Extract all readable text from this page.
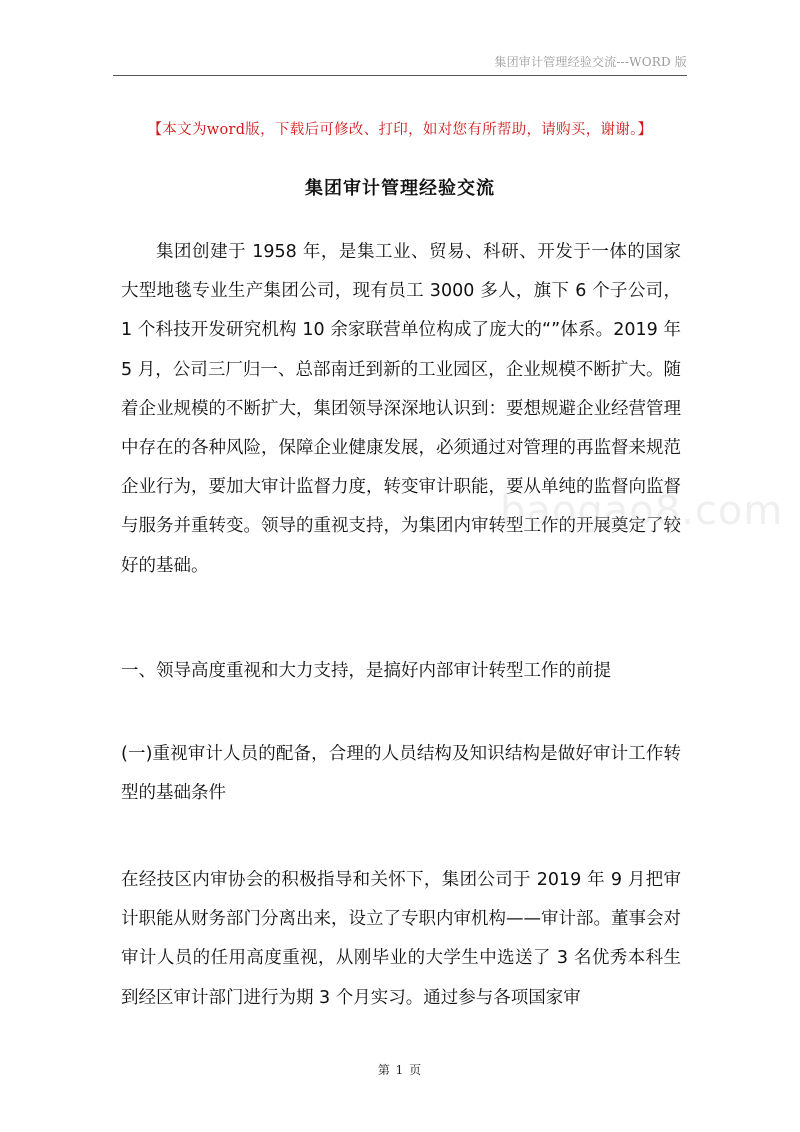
集团审计管理经验交流---WORD 版
【本文为word版，下载后可修改、打印，如对您有所帮助，请购买，谢谢。】
集团审计管理经验交流

集团创建于 1958 年，是集工业、贸易、科研、开发于一体的国家大型地毯专业生产集团公司，现有员工 3000 多人，旗下 6 个子公司，1 个科技开发研究机构 10 余家联营单位构成了庞大的“”体系。2019 年 5 月，公司三厂归一、总部南迁到新的工业园区，企业规模不断扩大。随着企业规模的不断扩大，集团领导深深地认识到：要想规避企业经营管理中存在的各种风险，保障企业健康发展，必须通过对管理的再监督来规范企业行为，要加大审计监督力度，转变审计职能，要从单纯的监督向监督与服务并重转变。领导的重视支持，为集团内审转型工作的开展奠定了较好的基础。

一、领导高度重视和大力支持，是搞好内部审计转型工作的前提

(一)重视审计人员的配备，合理的人员结构及知识结构是做好审计工作转型的基础条件

在经技区内审协会的积极指导和关怀下，集团公司于 2019 年 9 月把审计职能从财务部门分离出来，设立了专职内审机构——审计部。董事会对审计人员的任用高度重视，从刚毕业的大学生中选送了 3 名优秀本科生到经区审计部门进行为期 3 个月实习。通过参与各项国家审

baogao8.com
第 1 页
